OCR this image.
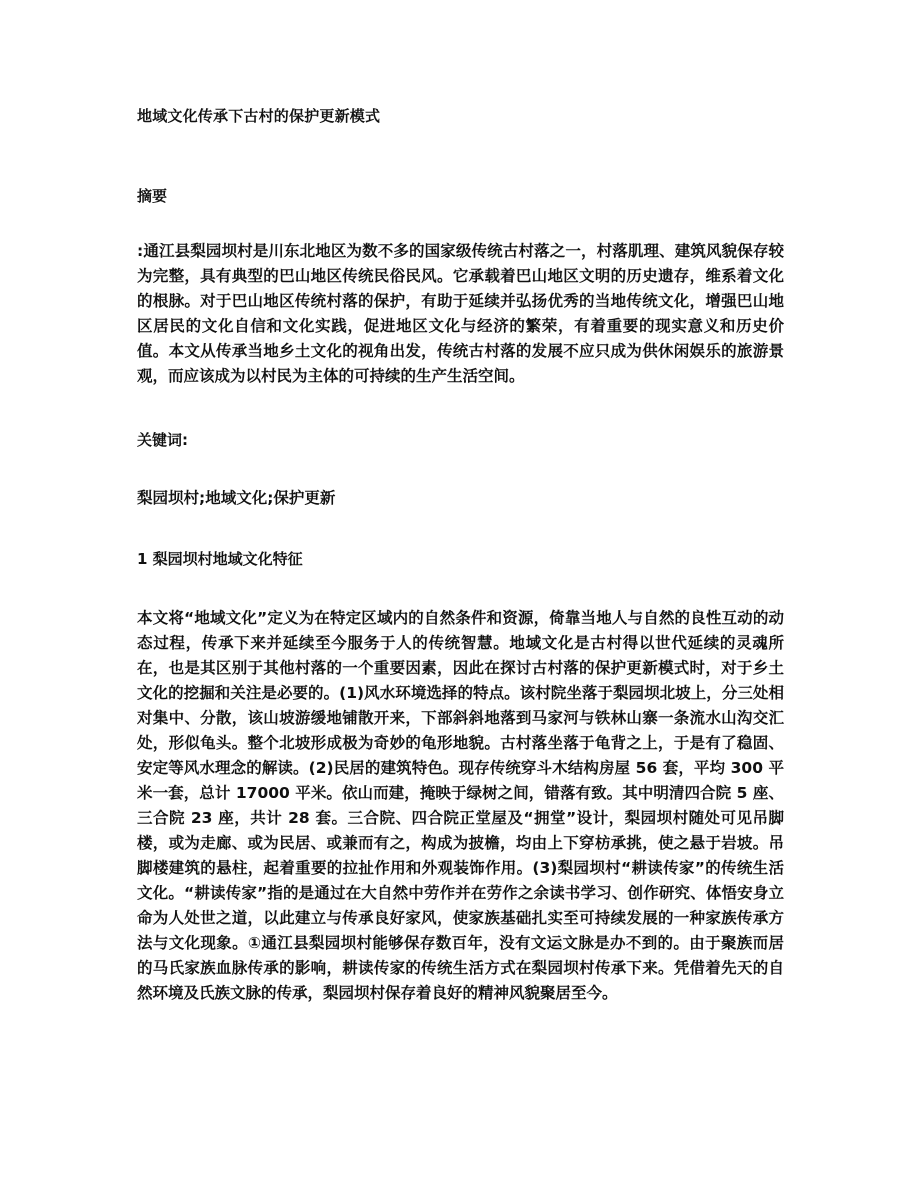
地域文化传承下古村的保护更新模式
摘要

:通江县梨园坝村是川东北地区为数不多的国家级传统古村落之一，村落肌理、建筑风貌保存较为完整，具有典型的巴山地区传统民俗民风。它承载着巴山地区文明的历史遗存，维系着文化的根脉。对于巴山地区传统村落的保护，有助于延续并弘扬优秀的当地传统文化，增强巴山地区居民的文化自信和文化实践，促进地区文化与经济的繁荣，有着重要的现实意义和历史价值。本文从传承当地乡土文化的视角出发，传统古村落的发展不应只成为供休闲娱乐的旅游景观，而应该成为以村民为主体的可持续的生产生活空间。

关键词:

梨园坝村;地域文化;保护更新

1 梨园坝村地域文化特征

本文将“地域文化”定义为在特定区域内的自然条件和资源，倚靠当地人与自然的良性互动的动态过程，传承下来并延续至今服务于人的传统智慧。地域文化是古村得以世代延续的灵魂所在，也是其区别于其他村落的一个重要因素，因此在探讨古村落的保护更新模式时，对于乡土文化的挖掘和关注是必要的。(1)风水环境选择的特点。该村院坐落于梨园坝北坡上，分三处相对集中、分散，该山坡游缓地铺散开来，下部斜斜地落到马家河与铁林山寨一条流水山沟交汇处，形似龟头。整个北坡形成极为奇妙的龟形地貌。古村落坐落于龟背之上，于是有了稳固、安定等风水理念的解读。(2)民居的建筑特色。现存传统穿斗木结构房屋 56 套，平均 300 平米一套，总计 17000 平米。依山而建，掩映于绿树之间，错落有致。其中明清四合院 5 座、三合院 23 座，共计 28 套。三合院、四合院正堂屋及“拥堂”设计，梨园坝村随处可见吊脚楼，或为走廊、或为民居、或兼而有之，构成为披檐，均由上下穿枋承挑，使之悬于岩坡。吊脚楼建筑的悬柱，起着重要的拉扯作用和外观装饰作用。(3)梨园坝村“耕读传家”的传统生活文化。“耕读传家”指的是通过在大自然中劳作并在劳作之余读书学习、创作研究、体悟安身立命为人处世之道，以此建立与传承良好家风，使家族基础扎实至可持续发展的一种家族传承方法与文化现象。①通江县梨园坝村能够保存数百年，没有文运文脉是办不到的。由于聚族而居的马氏家族血脉传承的影响，耕读传家的传统生活方式在梨园坝村传承下来。凭借着先天的自然环境及氏族文脉的传承，梨园坝村保存着良好的精神风貌聚居至今。
